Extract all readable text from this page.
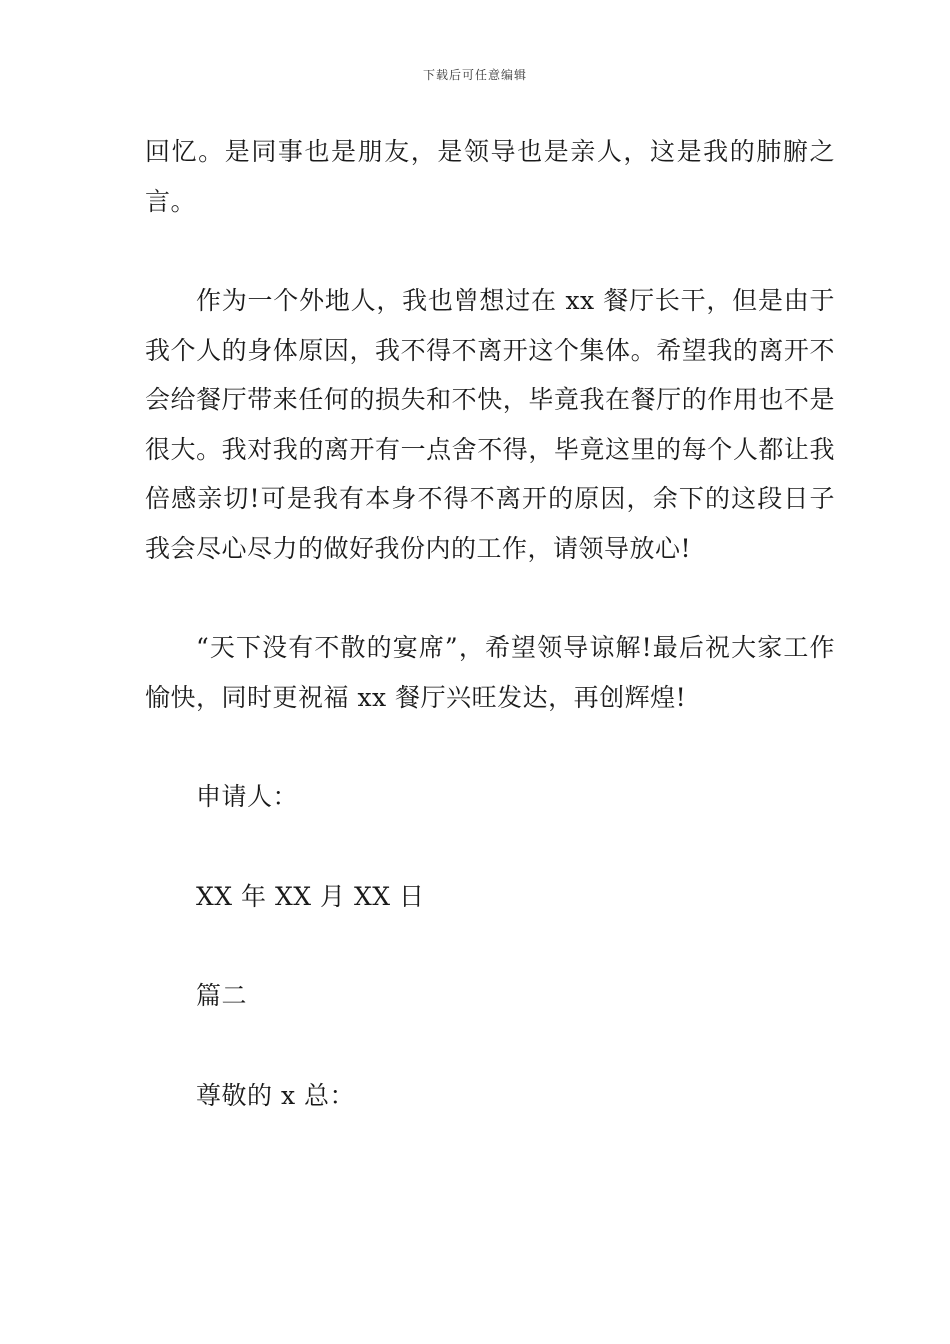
下载后可任意编辑

回忆。是同事也是朋友，是领导也是亲人，这是我的肺腑之言。

作为一个外地人，我也曾想过在 xx 餐厅长干，但是由于我个人的身体原因，我不得不离开这个集体。希望我的离开不会给餐厅带来任何的损失和不快，毕竟我在餐厅的作用也不是很大。我对我的离开有一点舍不得，毕竟这里的每个人都让我倍感亲切!可是我有本身不得不离开的原因，余下的这段日子我会尽心尽力的做好我份内的工作，请领导放心!

“天下没有不散的宴席”，希望领导谅解!最后祝大家工作愉快，同时更祝福 xx 餐厅兴旺发达，再创辉煌!

申请人：

XX 年 XX 月 XX 日

篇二

尊敬的 x 总：
